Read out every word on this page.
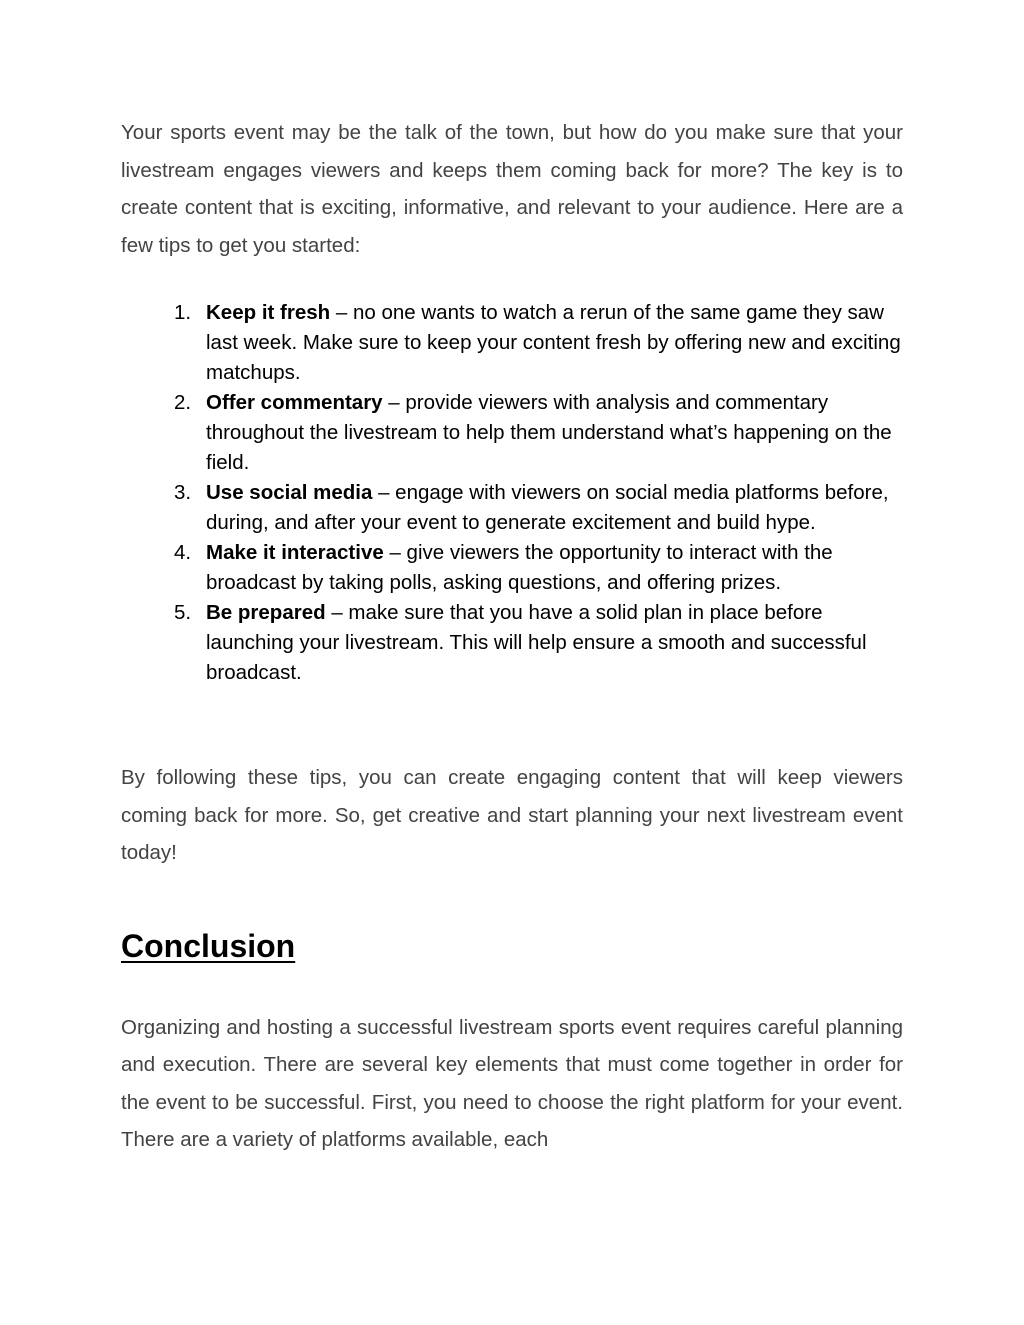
Your sports event may be the talk of the town, but how do you make sure that your livestream engages viewers and keeps them coming back for more? The key is to create content that is exciting, informative, and relevant to your audience. Here are a few tips to get you started:

1. Keep it fresh – no one wants to watch a rerun of the same game they saw last week. Make sure to keep your content fresh by offering new and exciting matchups.
2. Offer commentary – provide viewers with analysis and commentary throughout the livestream to help them understand what’s happening on the field.
3. Use social media – engage with viewers on social media platforms before, during, and after your event to generate excitement and build hype.
4. Make it interactive – give viewers the opportunity to interact with the broadcast by taking polls, asking questions, and offering prizes.
5. Be prepared – make sure that you have a solid plan in place before launching your livestream. This will help ensure a smooth and successful broadcast.

By following these tips, you can create engaging content that will keep viewers coming back for more. So, get creative and start planning your next livestream event today!

Conclusion

Organizing and hosting a successful livestream sports event requires careful planning and execution. There are several key elements that must come together in order for the event to be successful. First, you need to choose the right platform for your event. There are a variety of platforms available, each
